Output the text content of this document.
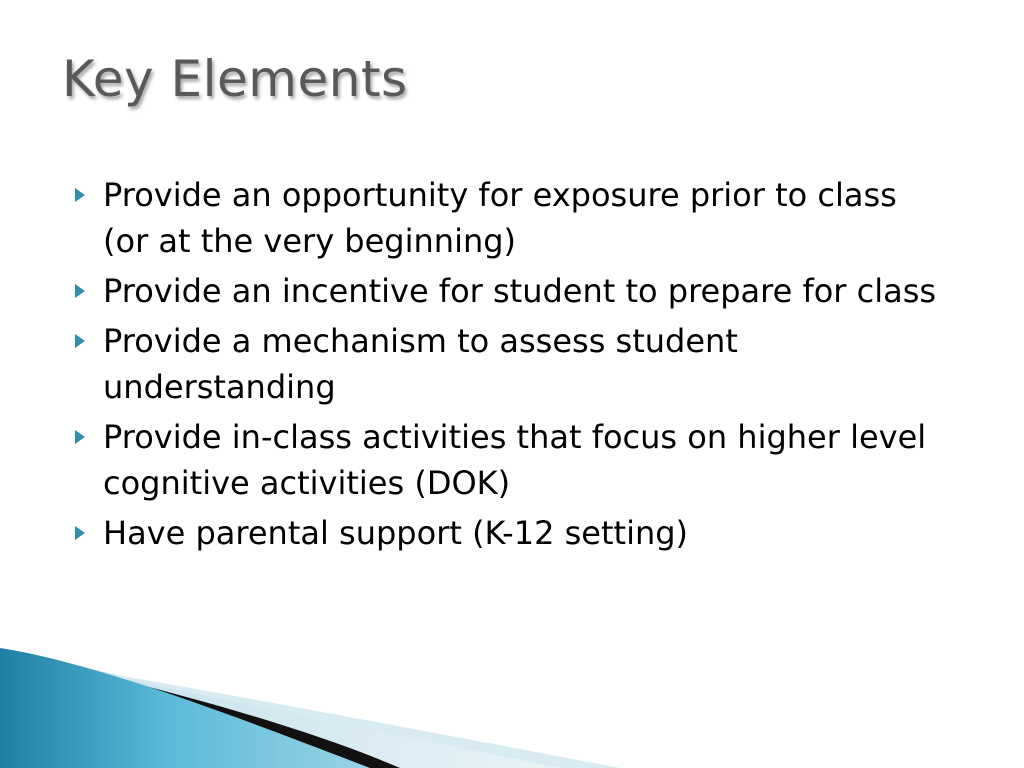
Key Elements
Provide an opportunity for exposure prior to class (or at the very beginning)
Provide an incentive for student to prepare for class
Provide a mechanism to assess student understanding
Provide in-class activities that focus on higher level cognitive activities (DOK)
Have parental support (K-12 setting)
